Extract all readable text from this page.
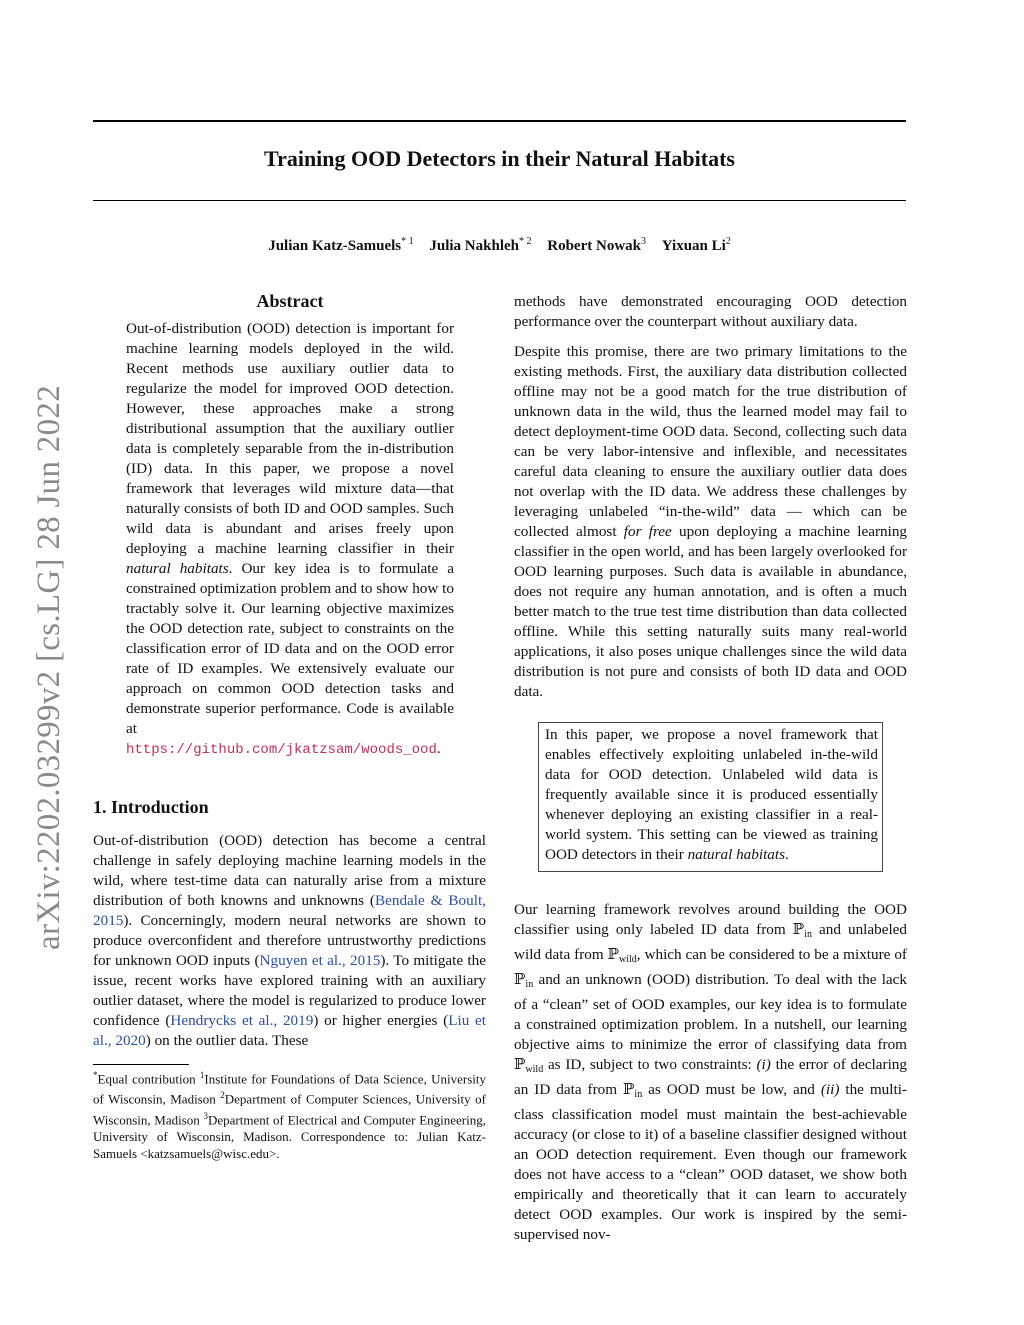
arXiv:2202.03299v2 [cs.LG] 28 Jun 2022
Training OOD Detectors in their Natural Habitats

Julian Katz-Samuels$^{* 1}$ Julia Nakhleh$^{* 2}$ Robert Nowak$^3$ Yixuan Li$^2$

Abstract

Out-of-distribution (OOD) detection is important for machine learning models deployed in the wild. Recent methods use auxiliary outlier data to regularize the model for improved OOD detection. However, these approaches make a strong distributional assumption that the auxiliary outlier data is completely separable from the in-distribution (ID) data. In this paper, we propose a novel framework that leverages wild mixture data—that naturally consists of both ID and OOD samples. Such wild data is abundant and arises freely upon deploying a machine learning classifier in their natural habitats. Our key idea is to formulate a constrained optimization problem and to show how to tractably solve it. Our learning objective maximizes the OOD detection rate, subject to constraints on the classification error of ID data and on the OOD error rate of ID examples. We extensively evaluate our approach on common OOD detection tasks and demonstrate superior performance. Code is available at https://github.com/jkatzsam/woods_ood.

1. Introduction

Out-of-distribution (OOD) detection has become a central challenge in safely deploying machine learning models in the wild, where test-time data can naturally arise from a mixture distribution of both knowns and unknowns (Bendale & Boult, 2015). Concerningly, modern neural networks are shown to produce overconfident and therefore untrustworthy predictions for unknown OOD inputs (Nguyen et al., 2015). To mitigate the issue, recent works have explored training with an auxiliary outlier dataset, where the model is regularized to produce lower confidence (Hendrycks et al., 2019) or higher energies (Liu et al., 2020) on the outlier data. These

*Equal contribution $^1$Institute for Foundations of Data Science, University of Wisconsin, Madison $^2$Department of Computer Sciences, University of Wisconsin, Madison $^3$Department of Electrical and Computer Engineering, University of Wisconsin, Madison. Correspondence to: Julian Katz-Samuels <katzsamuels@wisc.edu>.

methods have demonstrated encouraging OOD detection performance over the counterpart without auxiliary data.

Despite this promise, there are two primary limitations to the existing methods. First, the auxiliary data distribution collected offline may not be a good match for the true distribution of unknown data in the wild, thus the learned model may fail to detect deployment-time OOD data. Second, collecting such data can be very labor-intensive and inflexible, and necessitates careful data cleaning to ensure the auxiliary outlier data does not overlap with the ID data. We address these challenges by leveraging unlabeled “in-the-wild” data — which can be collected almost for free upon deploying a machine learning classifier in the open world, and has been largely overlooked for OOD learning purposes. Such data is available in abundance, does not require any human annotation, and is often a much better match to the true test time distribution than data collected offline. While this setting naturally suits many real-world applications, it also poses unique challenges since the wild data distribution is not pure and consists of both ID data and OOD data.

In this paper, we propose a novel framework that enables effectively exploiting unlabeled in-the-wild data for OOD detection. Unlabeled wild data is frequently available since it is produced essentially whenever deploying an existing classifier in a real-world system. This setting can be viewed as training OOD detectors in their natural habitats.

Our learning framework revolves around building the OOD classifier using only labeled ID data from ℙ$_{in}$ and unlabeled wild data from ℙ$_{wild}$, which can be considered to be a mixture of ℙ$_{in}$ and an unknown (OOD) distribution. To deal with the lack of a “clean” set of OOD examples, our key idea is to formulate a constrained optimization problem. In a nutshell, our learning objective aims to minimize the error of classifying data from ℙ$_{wild}$ as ID, subject to two constraints: (i) the error of declaring an ID data from ℙ$_{in}$ as OOD must be low, and (ii) the multi-class classification model must maintain the best-achievable accuracy (or close to it) of a baseline classifier designed without an OOD detection requirement. Even though our framework does not have access to a “clean” OOD dataset, we show both empirically and theoretically that it can learn to accurately detect OOD examples. Our work is inspired by the semi-supervised nov-
